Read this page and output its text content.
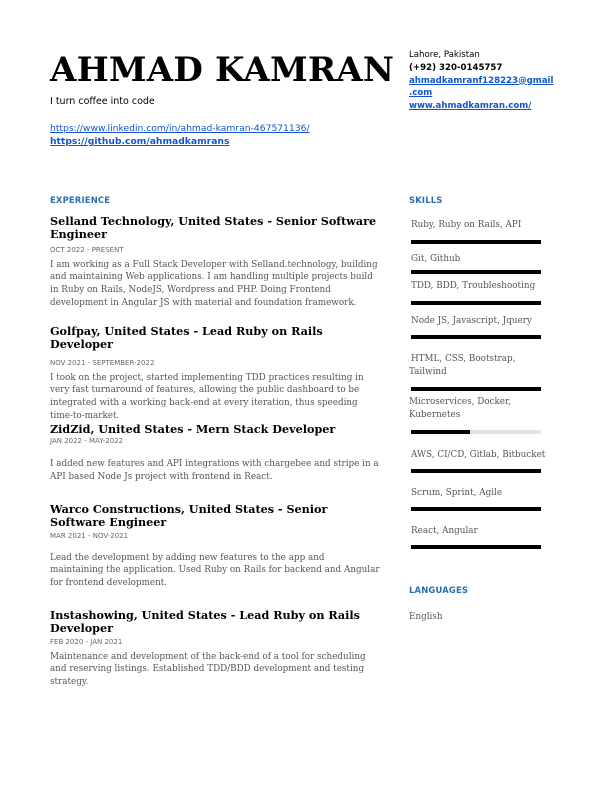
AHMAD KAMRAN
I turn coffee into code
https://www.linkedin.com/in/ahmad-kamran-467571136/
https://github.com/ahmadkamrans
Lahore, Pakistan
(+92) 320-0145757
ahmadkamranf128223@gmail
.com
www.ahmadkamran.com/
EXPERIENCE
Selland Technology, United States - Senior Software Engineer
OCT 2022 - PRESENT
I am working as a Full Stack Developer with Selland.technology, building and maintaining Web applications. I am handling multiple projects build in Ruby on Rails, NodeJS, Wordpress and PHP. Doing Frontend development in Angular JS with material and foundation framework.
Golfpay, United States - Lead Ruby on Rails Developer
NOV 2021 - SEPTEMBER-2022
I took on the project, started implementing TDD practices resulting in very fast turnaround of features, allowing the public dashboard to be integrated with a working back-end at every iteration, thus speeding time-to-market.
ZidZid, United States - Mern Stack Developer
JAN 2022 - MAY-2022
I added new features and API integrations with chargebee and stripe in a API based Node Js project with frontend in React.
Warco Constructions, United States - Senior Software Engineer
MAR 2021 - NOV-2021
Lead the development by adding new features to the app and maintaining the application. Used Ruby on Rails for backend and Angular for frontend development.
Instashowing, United States - Lead Ruby on Rails Developer
FEB 2020 - JAN 2021
Maintenance and development of the back-end of a tool for scheduling and reserving listings. Established TDD/BDD development and testing strategy.
SKILLS
Ruby, Ruby on Rails, API
Git, Github
TDD, BDD, Troubleshooting
Node JS, Javascript, Jquery
HTML, CSS, Bootstrap, Tailwind
Microservices, Docker, Kubernetes
AWS, CI/CD, Gitlab, Bitbucket
Scrum, Sprint, Agile
React, Angular
LANGUAGES
English
